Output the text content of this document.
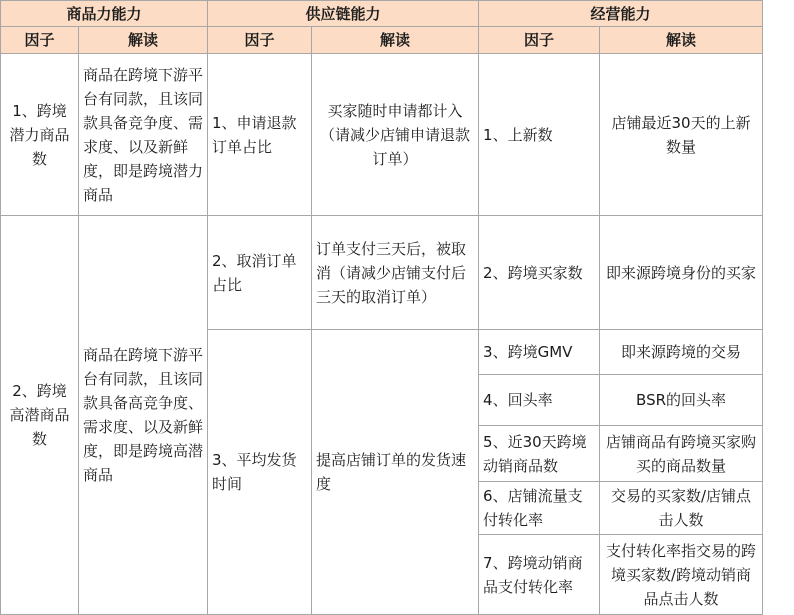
商品力能力		供应链能力		经营能力	
因子	解读	因子	解读	因子	解读
1、跨境潜力商品数	商品在跨境下游平台有同款，且该同款具备竞争度、需求度、以及新鲜度，即是跨境潜力商品	1、申请退款订单占比	买家随时申请都计入（请减少店铺申请退款订单）	1、上新数	店铺最近30天的上新数量
2、跨境高潜商品数	商品在跨境下游平台有同款，且该同款具备高竞争度、需求度、以及新鲜度，即是跨境高潜商品	2、取消订单占比	订单支付三天后，被取消（请减少店铺支付后三天的取消订单）	2、跨境买家数	即来源跨境身份的买家
		3、平均发货时间	提高店铺订单的发货速度	3、跨境GMV	即来源跨境的交易
				4、回头率	BSR的回头率
				5、近30天跨境动销商品数	店铺商品有跨境买家购买的商品数量
				6、店铺流量支付转化率	交易的买家数/店铺点击人数
				7、跨境动销商品支付转化率	支付转化率指交易的跨境买家数/跨境动销商品点击人数
